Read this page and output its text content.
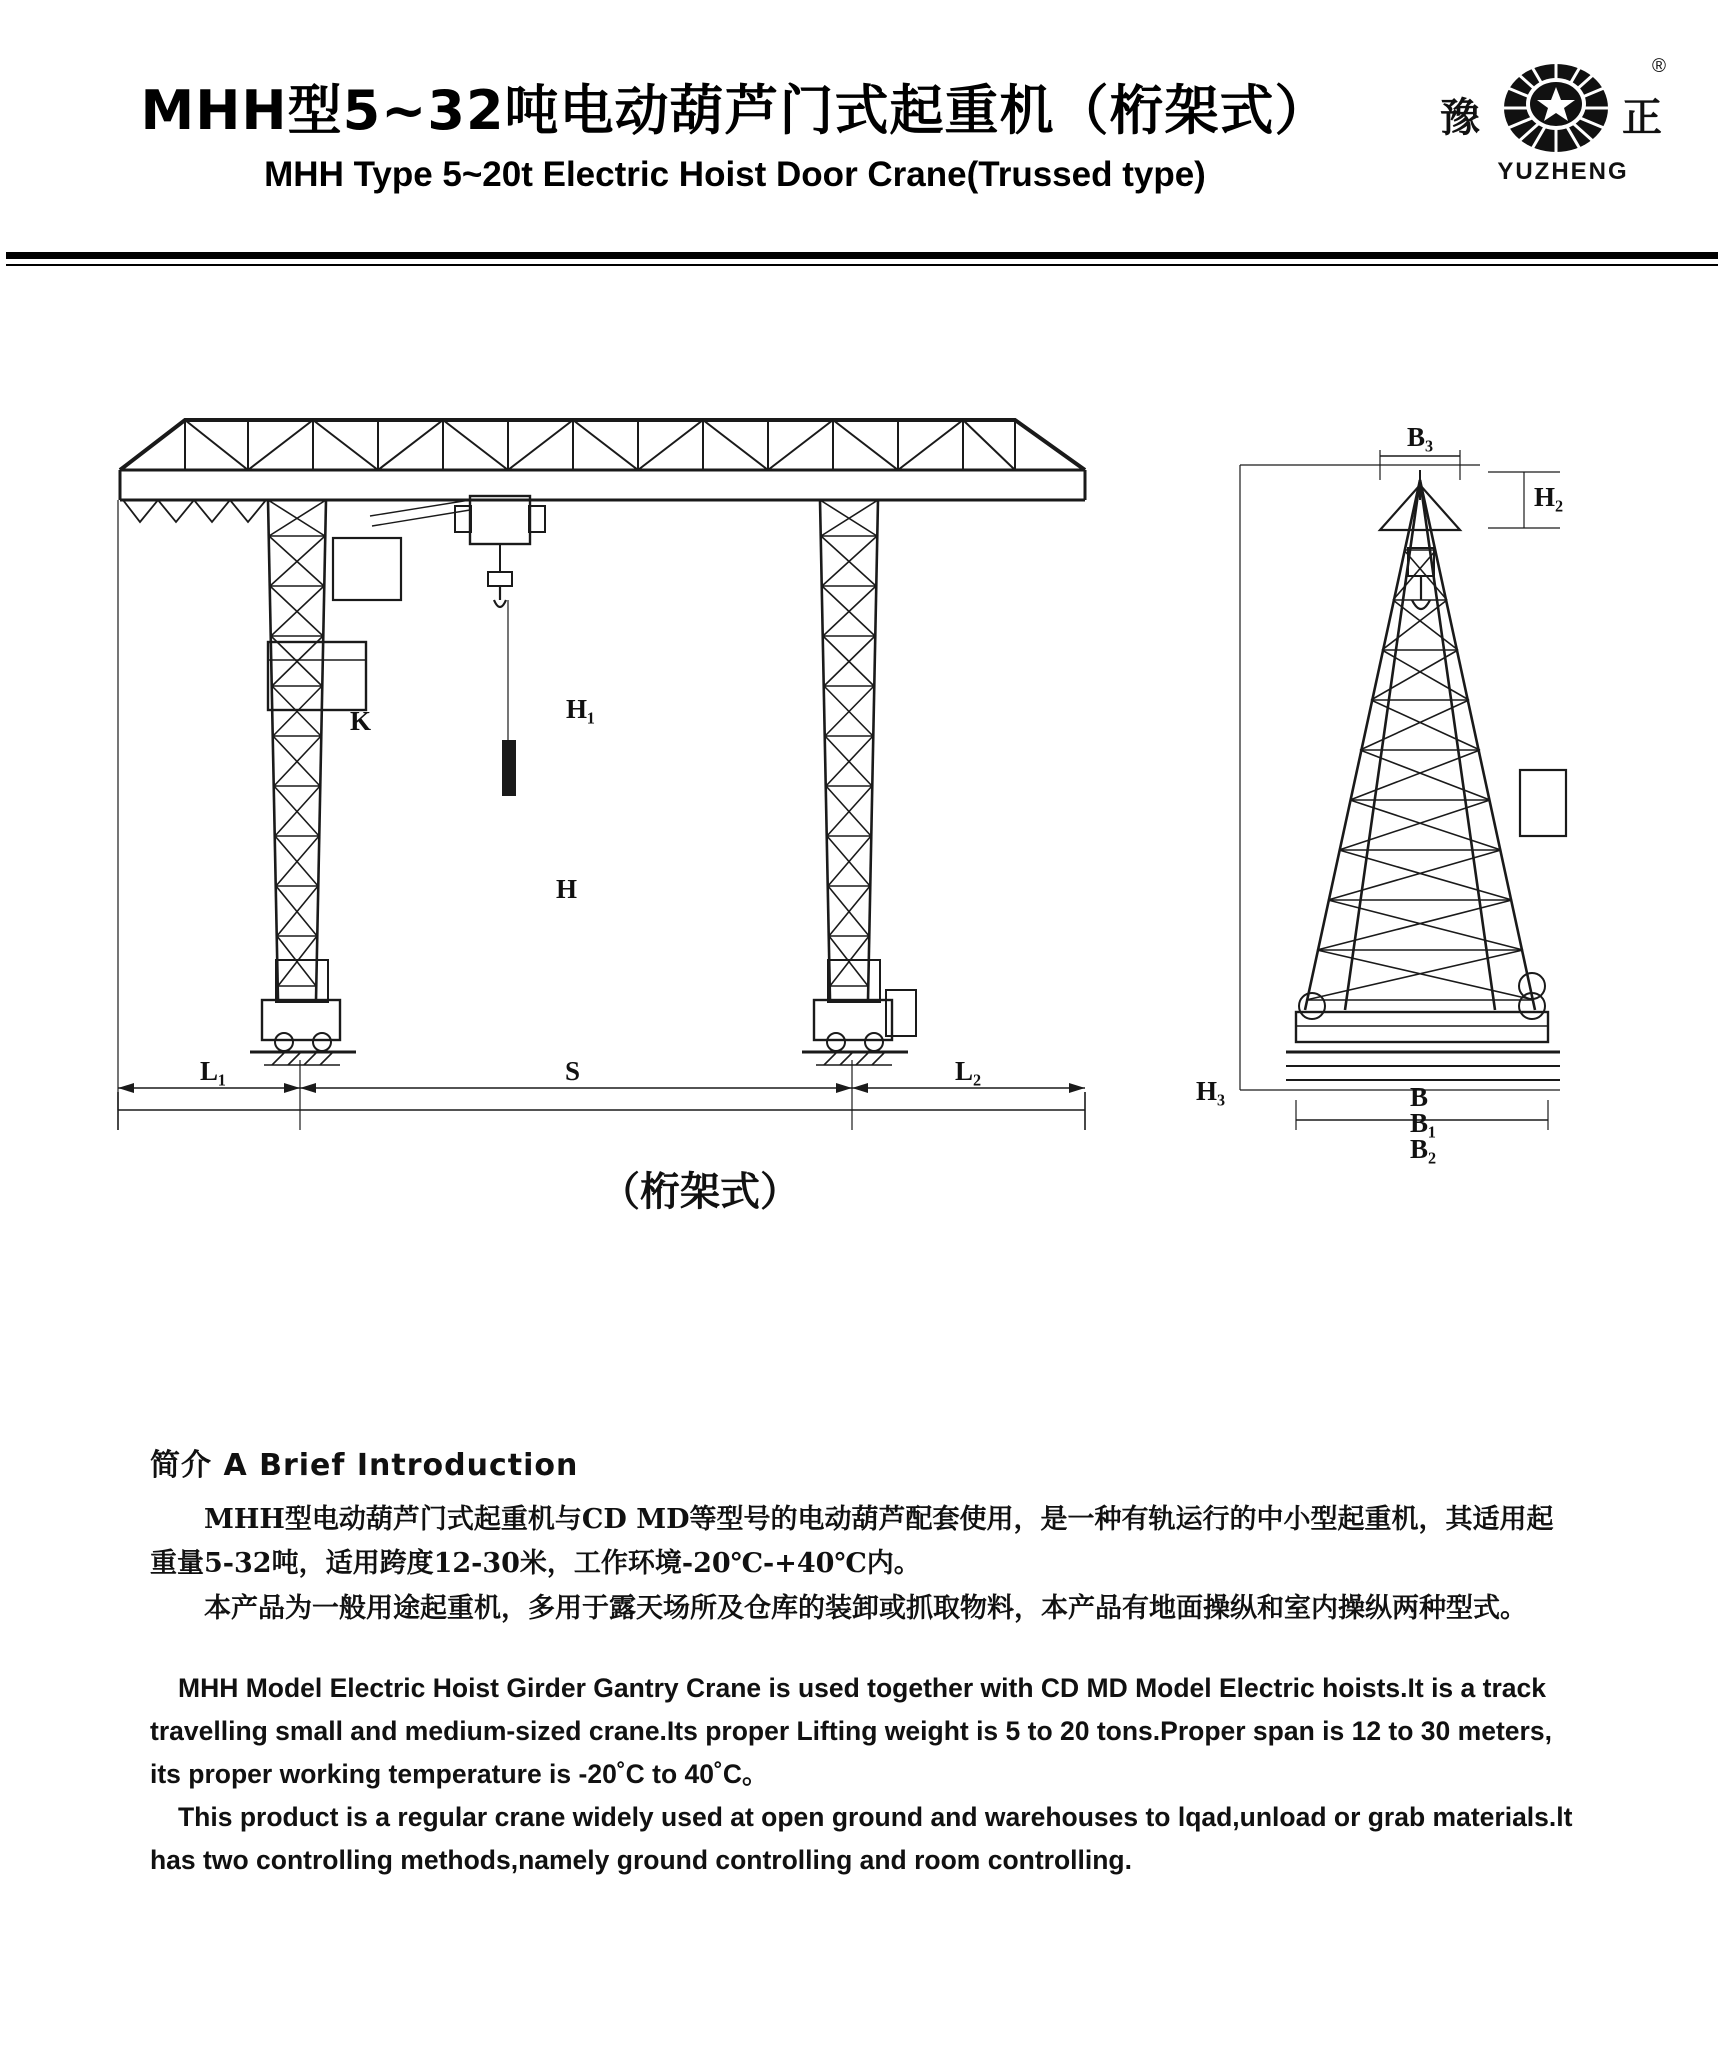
MHH型5~32吨电动葫芦门式起重机（桁架式）
MHH Type 5~20t Electric Hoist Door Crane(Trussed type)
豫	正
®
YUZHENG
L₁	L₂
S
H₃
B₃
H₂
H
H₁
B
B₁
B₂
K
（桁架式）
简介 A Brief Introduction

MHH型电动葫芦门式起重机与CD MD等型号的电动葫芦配套使用，是一种有轨运行的中小型起重机，其适用起重量5-32吨，适用跨度12-30米，工作环境-20℃-+40℃内。

本产品为一般用途起重机，多用于露天场所及仓库的装卸或抓取物料，本产品有地面操纵和室内操纵两种型式。

MHH Model Electric Hoist Girder Gantry Crane is used together with CD MD Model Electric hoists.It is a track travelling small and medium-sized crane.Its proper Lifting weight is 5 to 20 tons.Proper span is 12 to 30 meters, its proper working temperature is -20˚C to 40˚C。

This product is a regular crane widely used at open ground and warehouses to lqad,unload or grab materials.lt has two controlling methods,namely ground controlling and room controlling.
